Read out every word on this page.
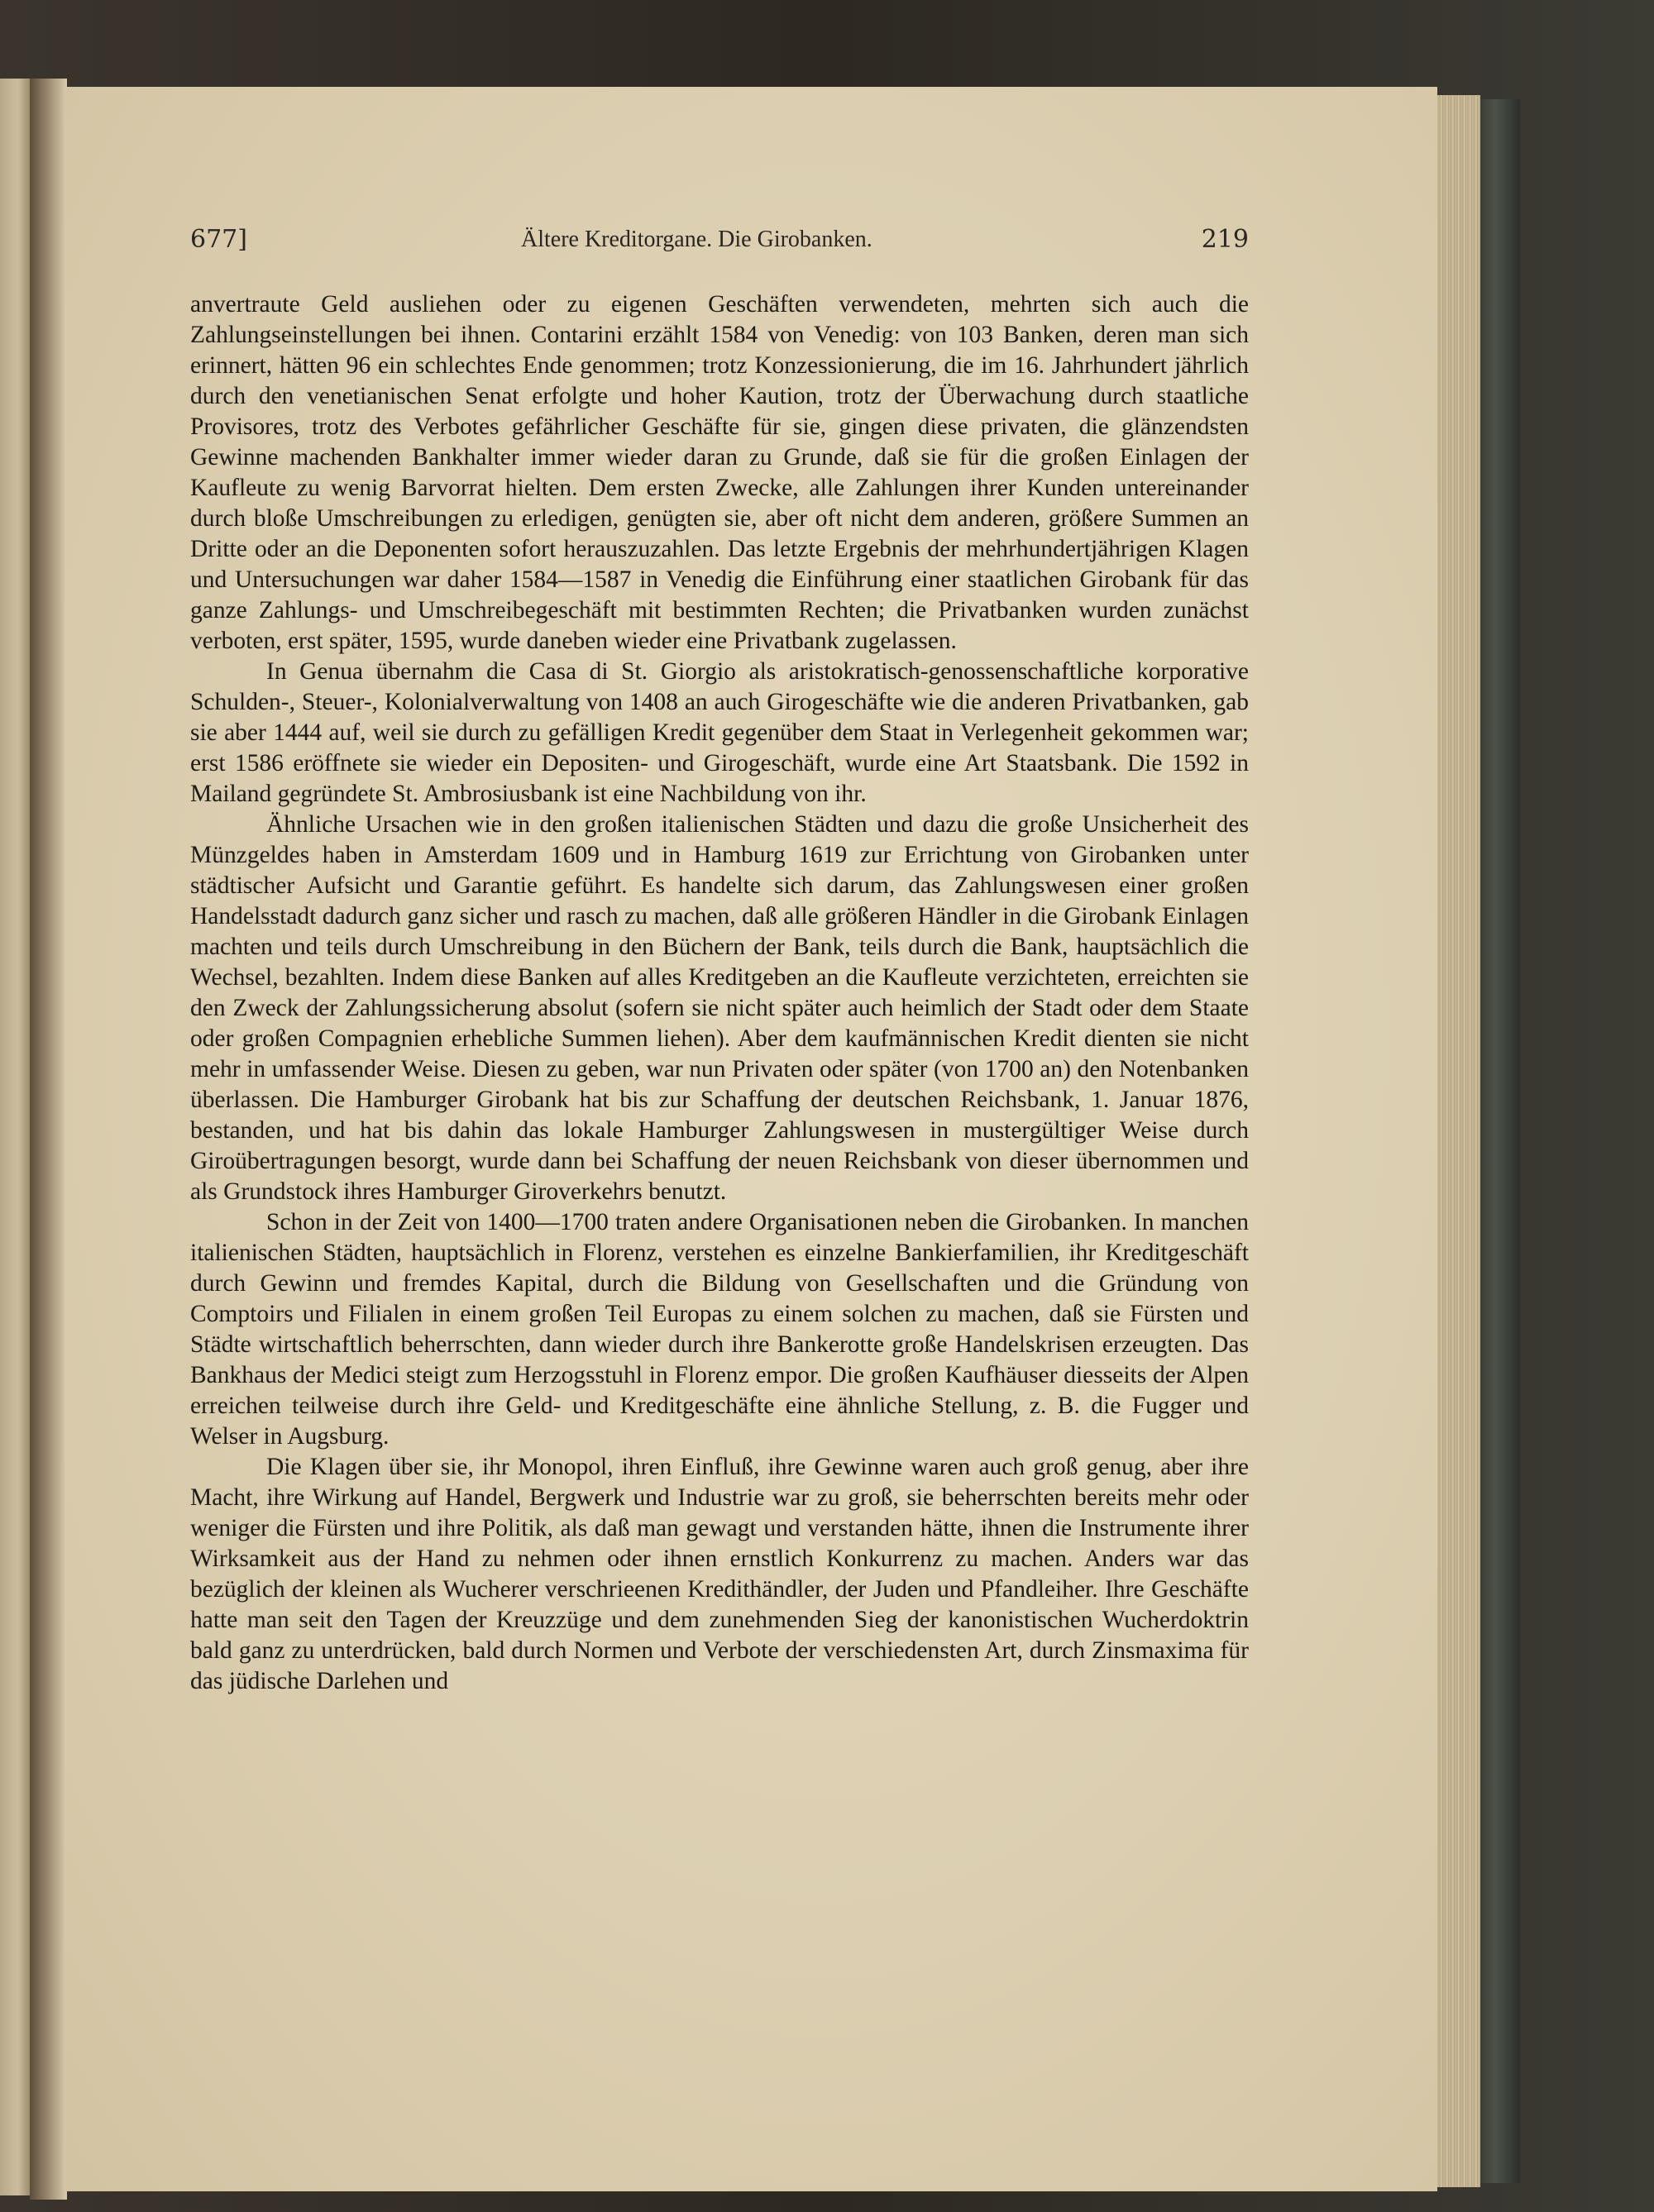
677]	Ältere Kreditorgane. Die Girobanken.	219

anvertraute Geld ausliehen oder zu eigenen Geschäften verwendeten, mehrten sich auch die Zahlungseinstellungen bei ihnen. Contarini erzählt 1584 von Venedig: von 103 Banken, deren man sich erinnert, hätten 96 ein schlechtes Ende genommen; trotz Konzessionierung, die im 16. Jahrhundert jährlich durch den venetianischen Senat erfolgte und hoher Kaution, trotz der Überwachung durch staatliche Provisores, trotz des Verbotes gefährlicher Geschäfte für sie, gingen diese privaten, die glänzendsten Gewinne machenden Bankhalter immer wieder daran zu Grunde, daß sie für die großen Einlagen der Kaufleute zu wenig Barvorrat hielten. Dem ersten Zwecke, alle Zahlungen ihrer Kunden untereinander durch bloße Umschreibungen zu erledigen, genügten sie, aber oft nicht dem anderen, größere Summen an Dritte oder an die Deponenten sofort herauszuzahlen. Das letzte Ergebnis der mehrhundertjährigen Klagen und Untersuchungen war daher 1584—1587 in Venedig die Einführung einer staatlichen Girobank für das ganze Zahlungs- und Umschreibegeschäft mit bestimmten Rechten; die Privatbanken wurden zunächst verboten, erst später, 1595, wurde daneben wieder eine Privatbank zugelassen.

In Genua übernahm die Casa di St. Giorgio als aristokratisch-genossenschaftliche korporative Schulden-, Steuer-, Kolonialverwaltung von 1408 an auch Girogeschäfte wie die anderen Privatbanken, gab sie aber 1444 auf, weil sie durch zu gefälligen Kredit gegenüber dem Staat in Verlegenheit gekommen war; erst 1586 eröffnete sie wieder ein Depositen- und Girogeschäft, wurde eine Art Staatsbank. Die 1592 in Mailand gegründete St. Ambrosiusbank ist eine Nachbildung von ihr.

Ähnliche Ursachen wie in den großen italienischen Städten und dazu die große Unsicherheit des Münzgeldes haben in Amsterdam 1609 und in Hamburg 1619 zur Errichtung von Girobanken unter städtischer Aufsicht und Garantie geführt. Es handelte sich darum, das Zahlungswesen einer großen Handelsstadt dadurch ganz sicher und rasch zu machen, daß alle größeren Händler in die Girobank Einlagen machten und teils durch Umschreibung in den Büchern der Bank, teils durch die Bank, hauptsächlich die Wechsel, bezahlten. Indem diese Banken auf alles Kreditgeben an die Kaufleute verzichteten, erreichten sie den Zweck der Zahlungssicherung absolut (sofern sie nicht später auch heimlich der Stadt oder dem Staate oder großen Compagnien erhebliche Summen liehen). Aber dem kaufmännischen Kredit dienten sie nicht mehr in umfassender Weise. Diesen zu geben, war nun Privaten oder später (von 1700 an) den Notenbanken überlassen. Die Hamburger Girobank hat bis zur Schaffung der deutschen Reichsbank, 1. Januar 1876, bestanden, und hat bis dahin das lokale Hamburger Zahlungswesen in mustergültiger Weise durch Giroübertragungen besorgt, wurde dann bei Schaffung der neuen Reichsbank von dieser übernommen und als Grundstock ihres Hamburger Giroverkehrs benutzt.

Schon in der Zeit von 1400—1700 traten andere Organisationen neben die Girobanken. In manchen italienischen Städten, hauptsächlich in Florenz, verstehen es einzelne Bankierfamilien, ihr Kreditgeschäft durch Gewinn und fremdes Kapital, durch die Bildung von Gesellschaften und die Gründung von Comptoirs und Filialen in einem großen Teil Europas zu einem solchen zu machen, daß sie Fürsten und Städte wirtschaftlich beherrschten, dann wieder durch ihre Bankerotte große Handelskrisen erzeugten. Das Bankhaus der Medici steigt zum Herzogsstuhl in Florenz empor. Die großen Kaufhäuser diesseits der Alpen erreichen teilweise durch ihre Geld- und Kreditgeschäfte eine ähnliche Stellung, z. B. die Fugger und Welser in Augsburg.

Die Klagen über sie, ihr Monopol, ihren Einfluß, ihre Gewinne waren auch groß genug, aber ihre Macht, ihre Wirkung auf Handel, Bergwerk und Industrie war zu groß, sie beherrschten bereits mehr oder weniger die Fürsten und ihre Politik, als daß man gewagt und verstanden hätte, ihnen die Instrumente ihrer Wirksamkeit aus der Hand zu nehmen oder ihnen ernstlich Konkurrenz zu machen. Anders war das bezüglich der kleinen als Wucherer verschrieenen Kredithändler, der Juden und Pfandleiher. Ihre Geschäfte hatte man seit den Tagen der Kreuzzüge und dem zunehmenden Sieg der kanonistischen Wucherdoktrin bald ganz zu unterdrücken, bald durch Normen und Verbote der verschiedensten Art, durch Zinsmaxima für das jüdische Darlehen und
